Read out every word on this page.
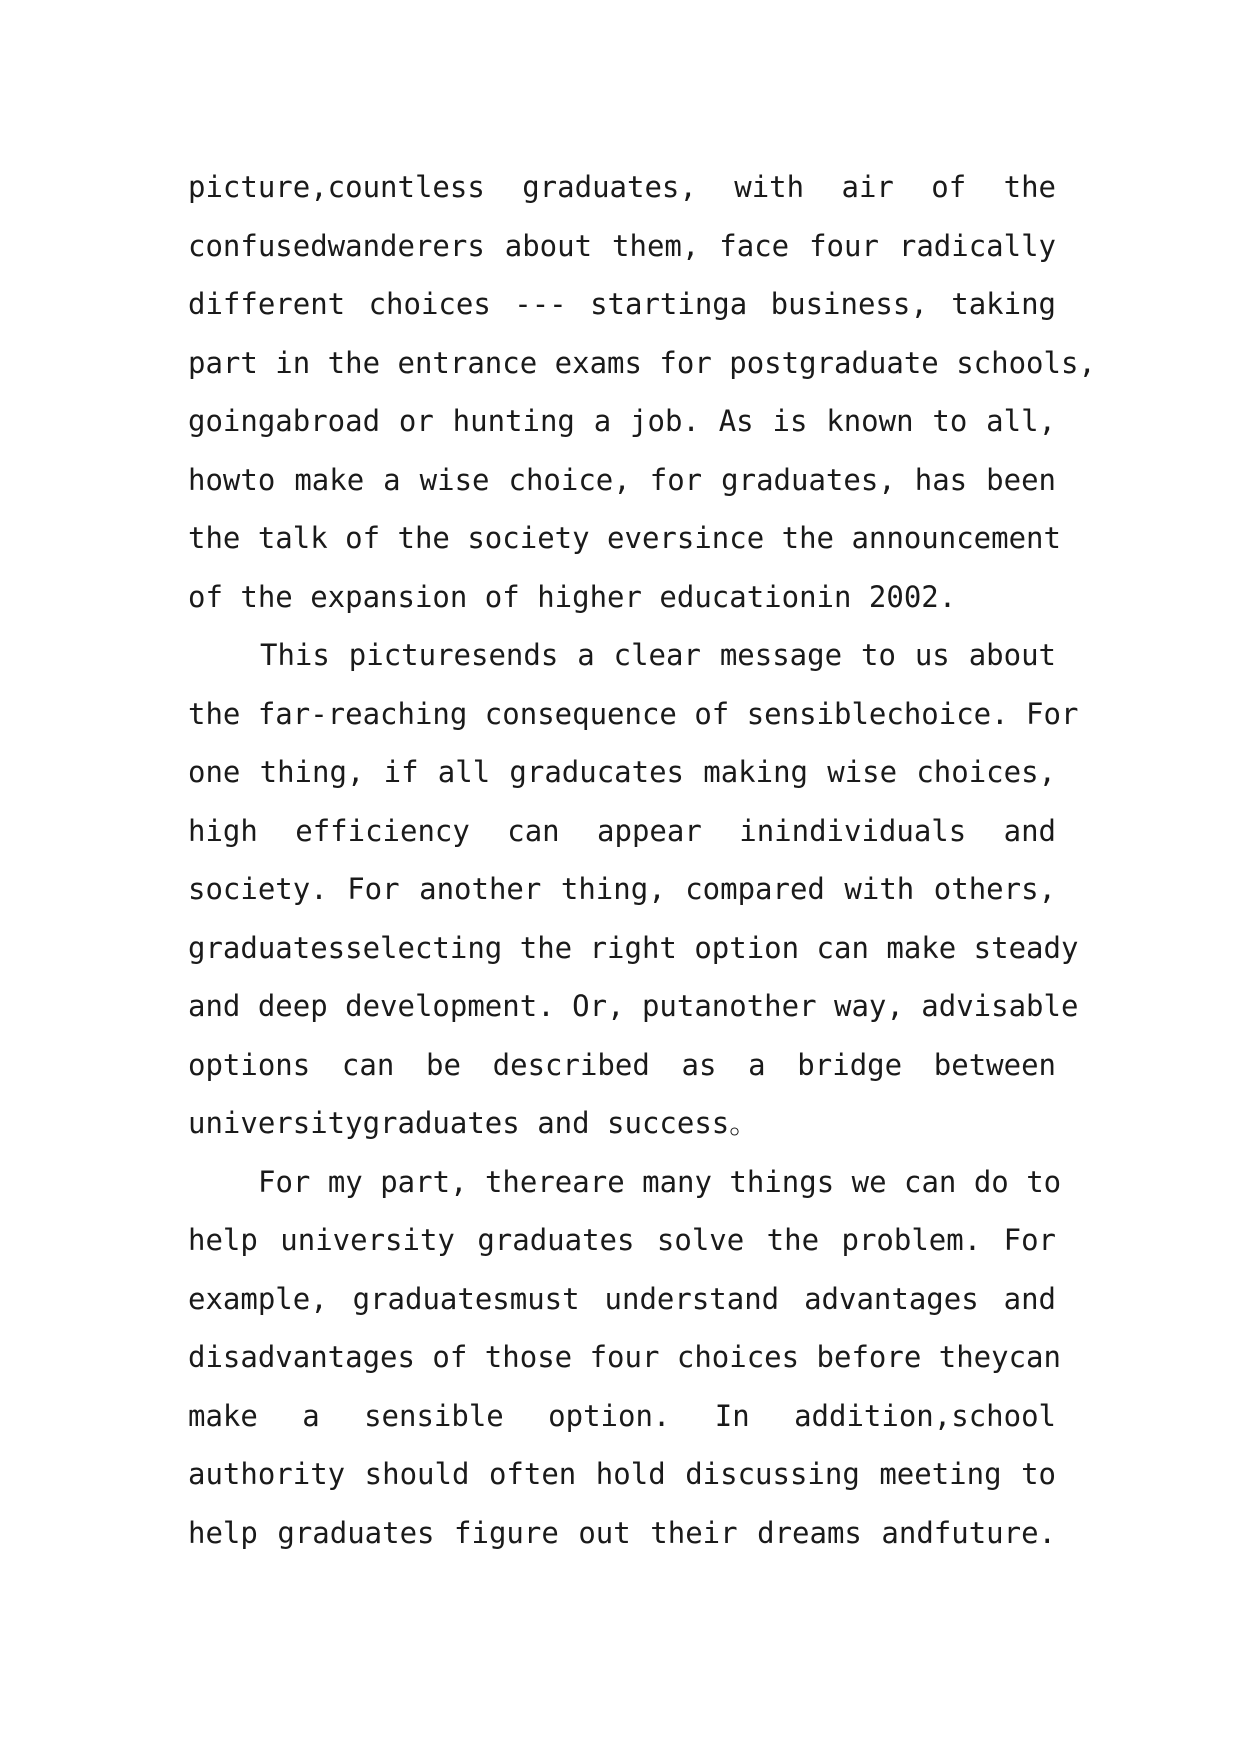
picture,countless graduates, with air of the
confusedwanderers about them, face four radically
different choices --- startinga business, taking
part in the entrance exams for postgraduate schools,
goingabroad or hunting a job. As is known to all,
howto make a wise choice, for graduates, has been
the talk of the society eversince the announcement
of the expansion of higher educationin 2002.
This picturesends a clear message to us about
the far-reaching consequence of sensiblechoice. For
one thing, if all graducates making wise choices,
high efficiency can appear inindividuals and
society. For another thing, compared with others,
graduatesselecting the right option can make steady
and deep development. Or, putanother way, advisable
options can be described as a bridge between
universitygraduates and success。
For my part, thereare many things we can do to
help university graduates solve the problem. For
example, graduatesmust understand advantages and
disadvantages of those four choices before theycan
make a sensible option. In addition,school
authority should often hold discussing meeting to
help graduates figure out their dreams andfuture.
